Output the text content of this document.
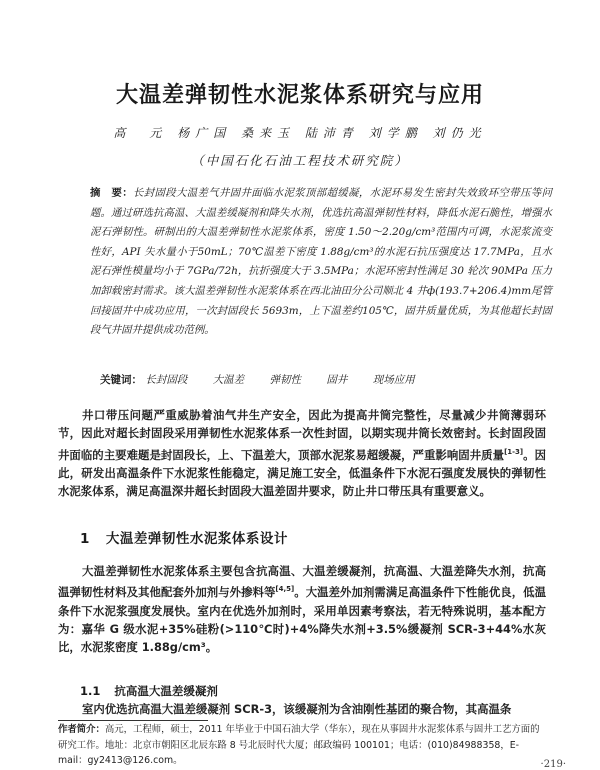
大温差弹韧性水泥浆体系研究与应用
高　元 杨广国 桑来玉 陆沛青 刘学鹏 刘仍光
（中国石化石油工程技术研究院）
摘　要：长封固段大温差气井固井面临水泥浆顶部超缓凝，水泥环易发生密封失效致环空带压等问题。通过研选抗高温、大温差缓凝剂和降失水剂，优选抗高温弹韧性材料，降低水泥石脆性，增强水泥石弹韧性。研制出的大温差弹韧性水泥浆体系，密度 1.50～2.20g/cm³范围内可调，水泥浆流变性好，API 失水量小于50mL；70℃温差下密度 1.88g/cm³的水泥石抗压强度达 17.7MPa，且水泥石弹性模量均小于 7GPa/72h，抗折强度大于 3.5MPa；水泥环密封性满足 30 轮次 90MPa 压力加卸载密封需求。该大温差弹韧性水泥浆体系在西北油田分公司顺北 4 井ф(193.7+206.4)mm尾管回接固井中成功应用，一次封固段长 5693m，上下温差约105℃，固井质量优质，为其他超长封固段气井固井提供成功范例。
关键词： 长封固段 大温差 弹韧性 固井 现场应用

井口带压问题严重威胁着油气井生产安全，因此为提高井筒完整性，尽量减少井筒薄弱环节，因此对超长封固段采用弹韧性水泥浆体系一次性封固，以期实现井筒长效密封。长封固段固井面临的主要难题是封固段长，上、下温差大，顶部水泥浆易超缓凝，严重影响固井质量[1-3]。因此，研发出高温条件下水泥浆性能稳定，满足施工安全，低温条件下水泥石强度发展快的弹韧性水泥浆体系，满足高温深井超长封固段大温差固井要求，防止井口带压具有重要意义。

1 大温差弹韧性水泥浆体系设计

大温差弹韧性水泥浆体系主要包含抗高温、大温差缓凝剂，抗高温、大温差降失水剂，抗高温弹韧性材料及其他配套外加剂与外掺料等[4,5]。大温差外加剂需满足高温条件下性能优良，低温条件下水泥浆强度发展快。室内在优选外加剂时，采用单因素考察法，若无特殊说明，基本配方为：嘉华 G 级水泥+35%硅粉(>110℃时)+4%降失水剂+3.5%缓凝剂 SCR-3+44%水灰比，水泥浆密度 1.88g/cm³。

1.1 抗高温大温差缓凝剂

室内优选抗高温大温差缓凝剂 SCR-3，该缓凝剂为含油刚性基团的聚合物，其高温条

作者简介：高元，工程师，硕士，2011 年毕业于中国石油大学（华东），现在从事固井水泥浆体系与固井工艺方面的研究工作。地址：北京市朝阳区北辰东路 8 号北辰时代大厦；邮政编码 100101；电话：(010)84988358，E-mail：gy2413@126.com。	·219·
